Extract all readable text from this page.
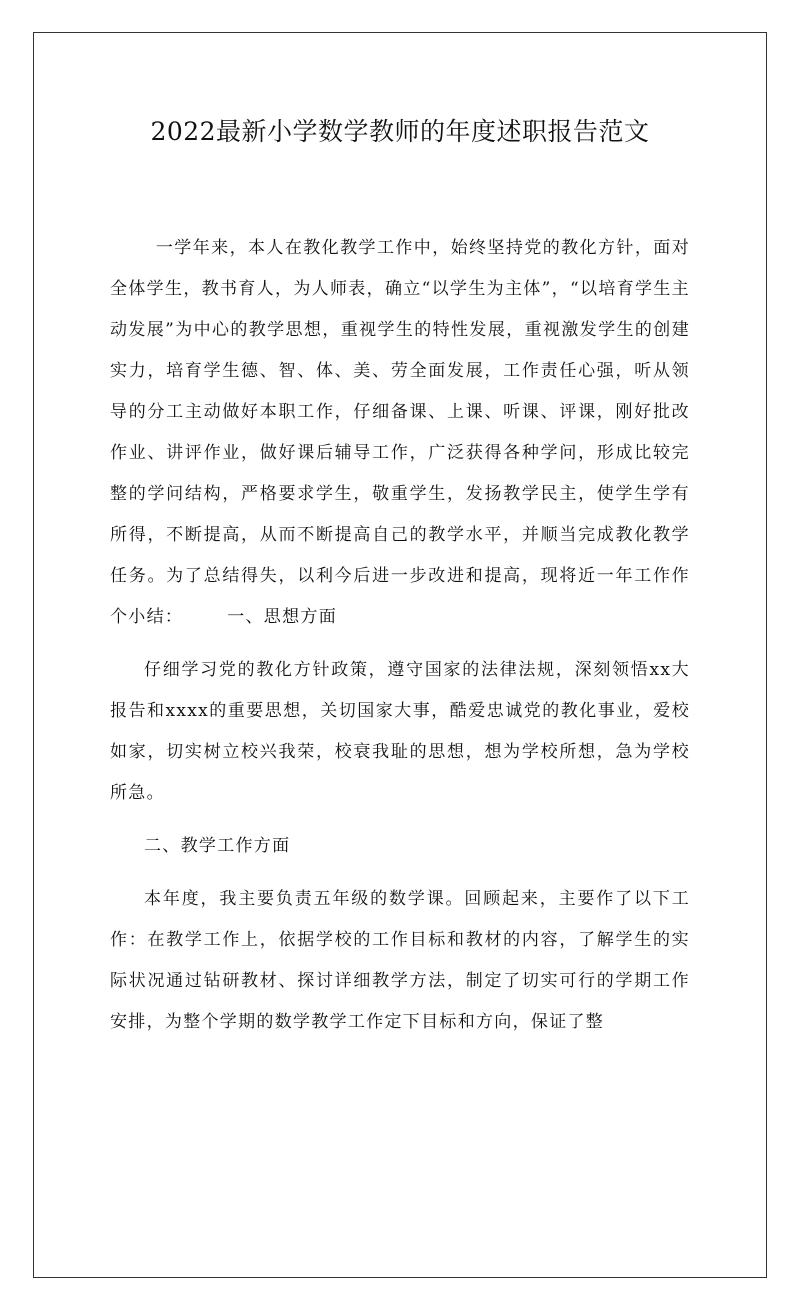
2022最新小学数学教师的年度述职报告范文

一学年来，本人在教化教学工作中，始终坚持党的教化方针，面对全体学生，教书育人，为人师表，确立“以学生为主体”，“以培育学生主动发展”为中心的教学思想，重视学生的特性发展，重视激发学生的创建实力，培育学生德、智、体、美、劳全面发展，工作责任心强，听从领导的分工主动做好本职工作，仔细备课、上课、听课、评课，刚好批改作业、讲评作业，做好课后辅导工作，广泛获得各种学问，形成比较完整的学问结构，严格要求学生，敬重学生，发扬教学民主，使学生学有所得，不断提高，从而不断提高自己的教学水平，并顺当完成教化教学任务。为了总结得失，以利今后进一步改进和提高，现将近一年工作作个小结：	一、思想方面

仔细学习党的教化方针政策，遵守国家的法律法规，深刻领悟xx大报告和xxxx的重要思想，关切国家大事，酷爱忠诚党的教化事业，爱校如家，切实树立校兴我荣，校衰我耻的思想，想为学校所想，急为学校所急。

二、教学工作方面

本年度，我主要负责五年级的数学课。回顾起来，主要作了以下工作：在教学工作上，依据学校的工作目标和教材的内容，了解学生的实际状况通过钻研教材、探讨详细教学方法，制定了切实可行的学期工作安排，为整个学期的数学教学工作定下目标和方向，保证了整
